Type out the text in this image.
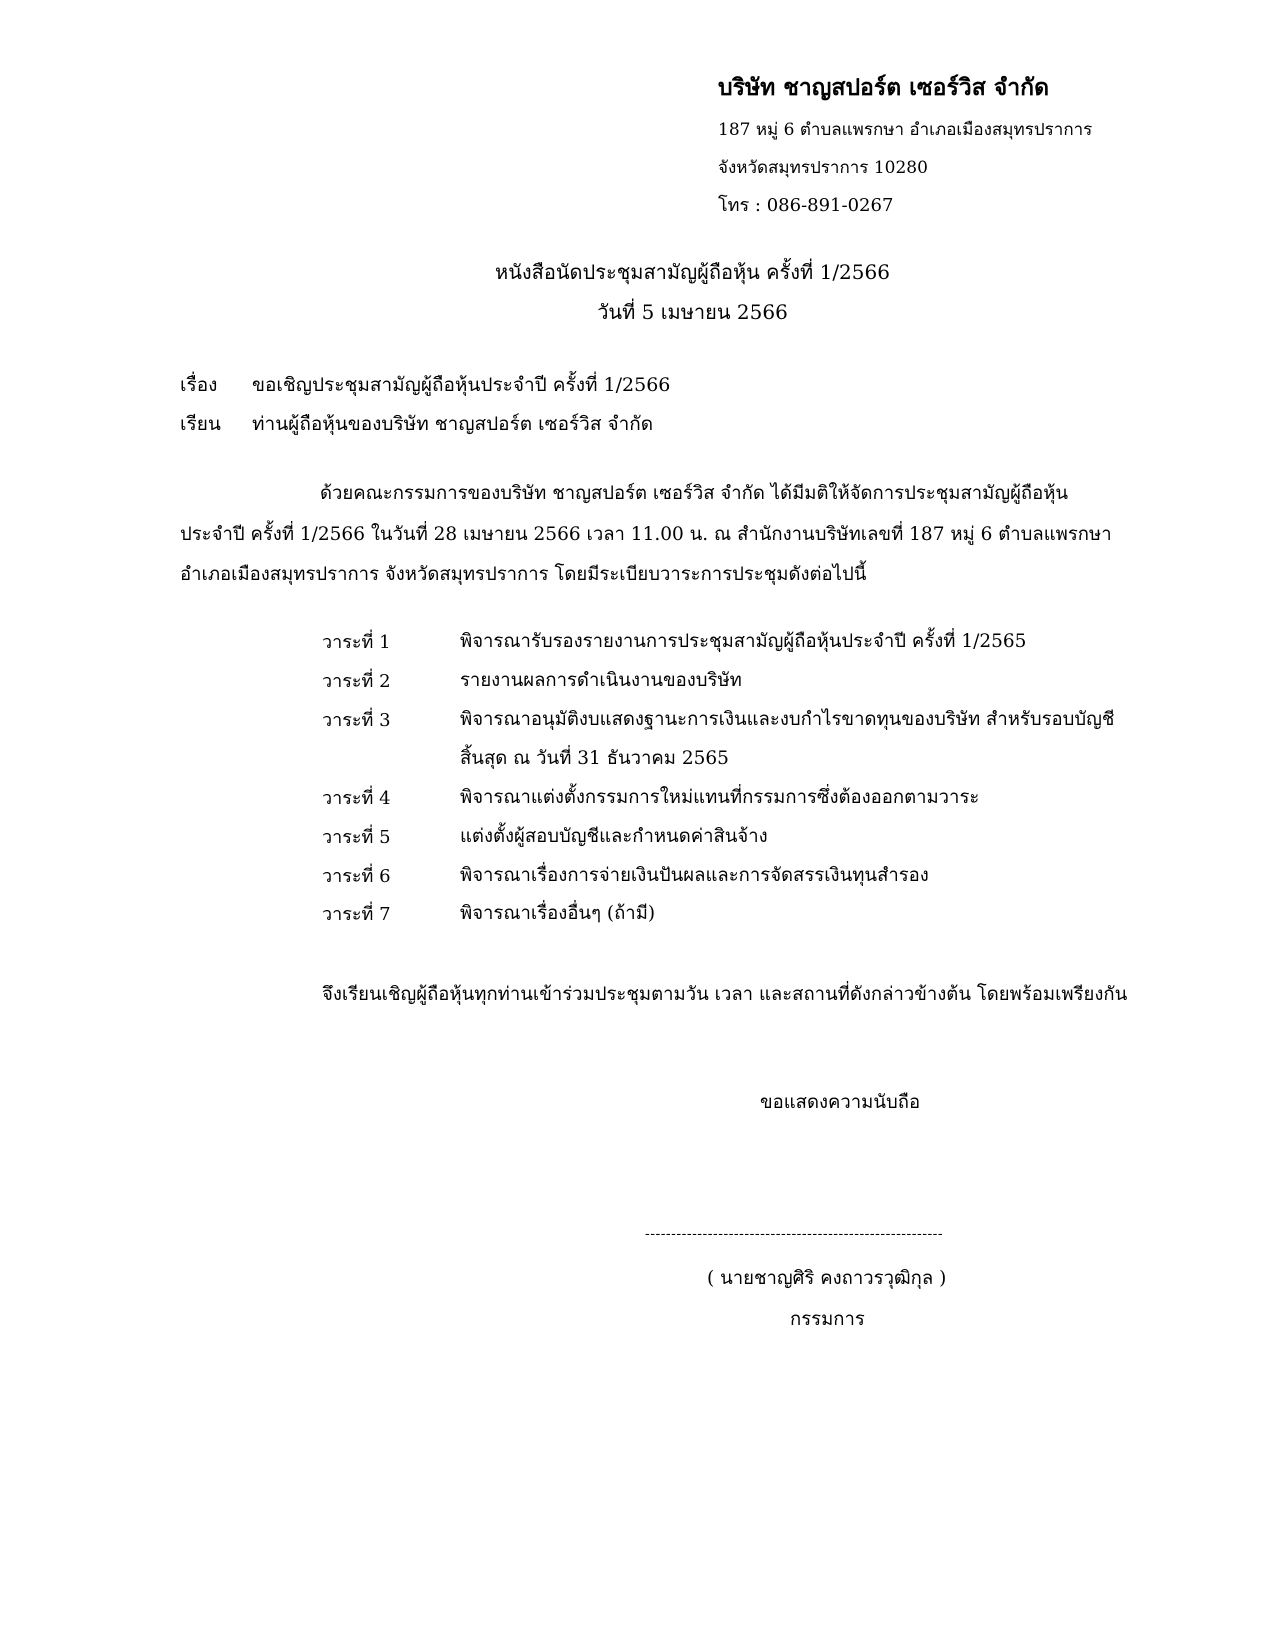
บริษัท ชาญสปอร์ต เซอร์วิส จำกัด
187 หมู่ 6 ตำบลแพรกษา อำเภอเมืองสมุทรปราการ
จังหวัดสมุทรปราการ 10280
โทร : 086-891-0267
หนังสือนัดประชุมสามัญผู้ถือหุ้น ครั้งที่ 1/2566
วันที่ 5 เมษายน 2566
เรื่อง ขอเชิญประชุมสามัญผู้ถือหุ้นประจำปี ครั้งที่ 1/2566
เรียน ท่านผู้ถือหุ้นของบริษัท ชาญสปอร์ต เซอร์วิส จำกัด
ด้วยคณะกรรมการของบริษัท ชาญสปอร์ต เซอร์วิส จำกัด ได้มีมติให้จัดการประชุมสามัญผู้ถือหุ้น
ประจำปี ครั้งที่ 1/2566 ในวันที่ 28 เมษายน 2566 เวลา 11.00 น. ณ สำนักงานบริษัทเลขที่ 187 หมู่ 6 ตำบลแพรกษา
อำเภอเมืองสมุทรปราการ จังหวัดสมุทรปราการ โดยมีระเบียบวาระการประชุมดังต่อไปนี้
วาระที่ 1	พิจารณารับรองรายงานการประชุมสามัญผู้ถือหุ้นประจำปี ครั้งที่ 1/2565
วาระที่ 2	รายงานผลการดำเนินงานของบริษัท
วาระที่ 3	พิจารณาอนุมัติงบแสดงฐานะการเงินและงบกำไรขาดทุนของบริษัท สำหรับรอบบัญชี
สิ้นสุด ณ วันที่ 31 ธันวาคม 2565
วาระที่ 4	พิจารณาแต่งตั้งกรรมการใหม่แทนที่กรรมการซึ่งต้องออกตามวาระ
วาระที่ 5	แต่งตั้งผู้สอบบัญชีและกำหนดค่าสินจ้าง
วาระที่ 6	พิจารณาเรื่องการจ่ายเงินปันผลและการจัดสรรเงินทุนสำรอง
วาระที่ 7	พิจารณาเรื่องอื่นๆ (ถ้ามี)
จึงเรียนเชิญผู้ถือหุ้นทุกท่านเข้าร่วมประชุมตามวัน เวลา และสถานที่ดังกล่าวข้างต้น โดยพร้อมเพรียงกัน
ขอแสดงความนับถือ
---------------------------------------------------------
( นายชาญศิริ คงถาวรวุฒิกุล )
กรรมการ
